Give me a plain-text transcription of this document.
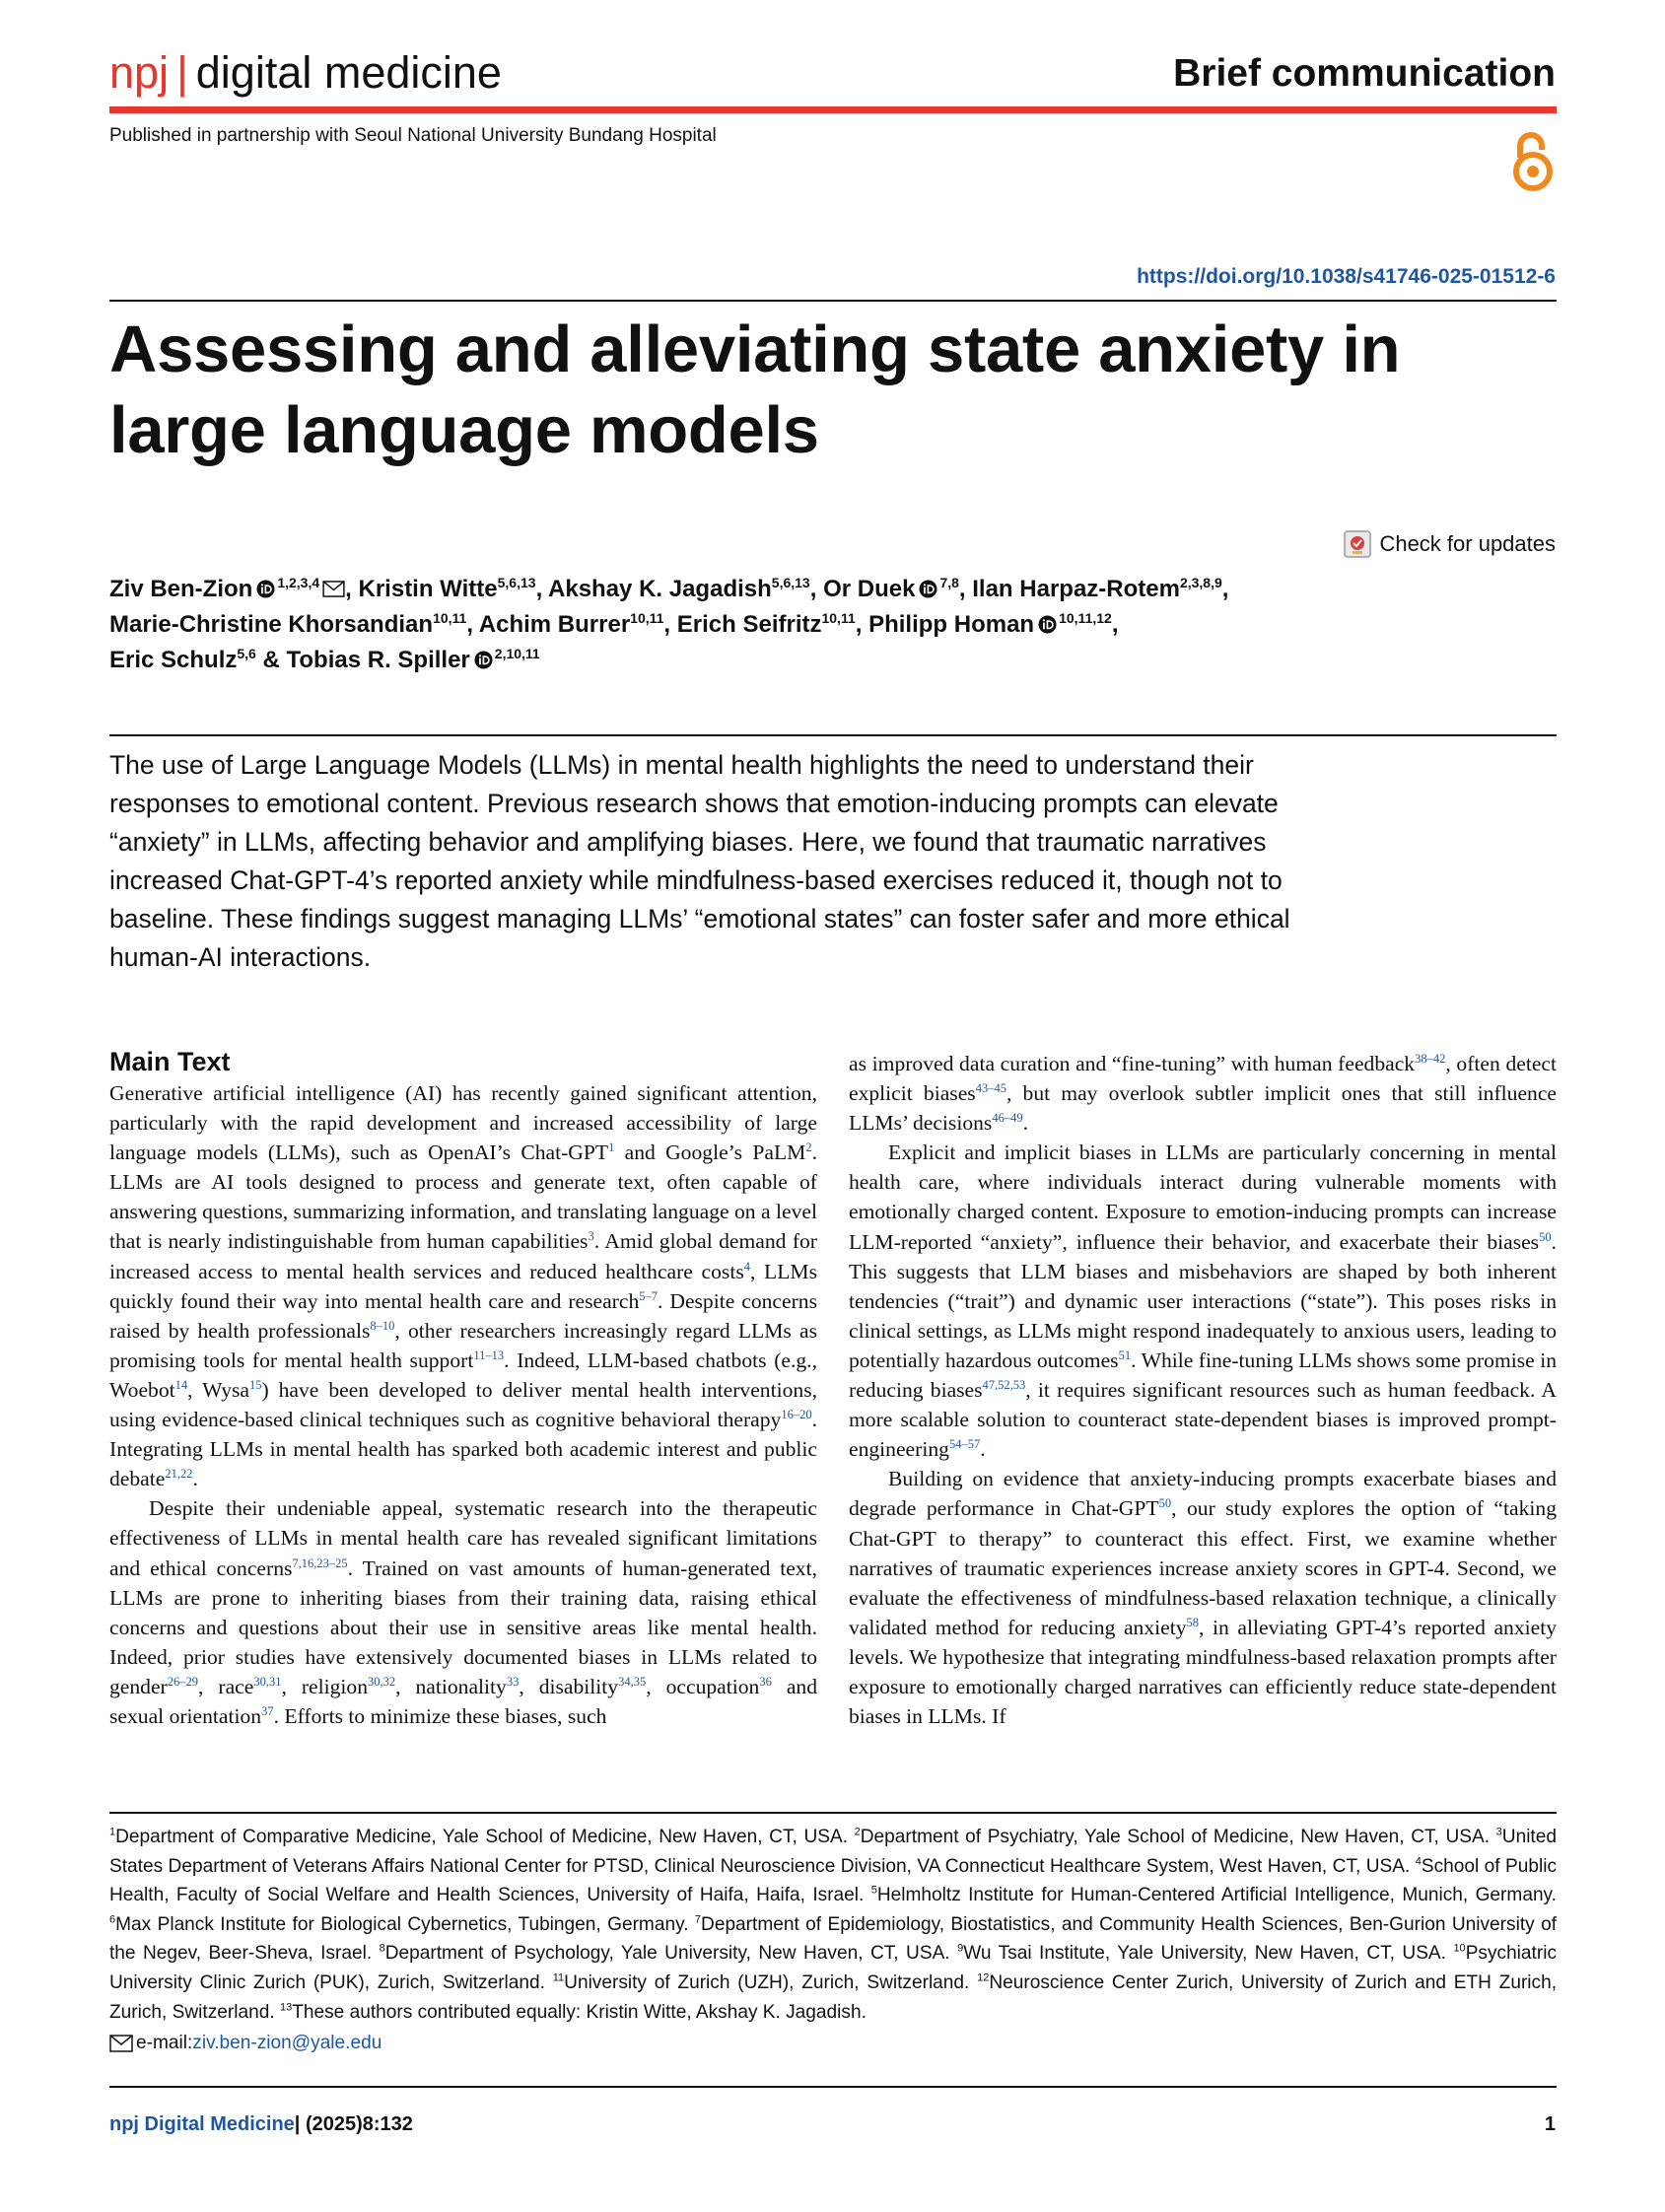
npj | digital medicine	Brief communication
Published in partnership with Seoul National University Bundang Hospital
https://doi.org/10.1038/s41746-025-01512-6
Assessing and alleviating state anxiety in large language models
Check for updates
Ziv Ben-Zion $^{1,2,3,4}$ , Kristin Witte$^{5,6,13}$, Akshay K. Jagadish$^{5,6,13}$, Or Duek $^{7,8}$, Ilan Harpaz-Rotem$^{2,3,8,9}$,
Marie-Christine Khorsandian$^{10,11}$, Achim Burrer$^{10,11}$, Erich Seifritz$^{10,11}$, Philipp Homan $^{10,11,12}$,
Eric Schulz$^{5,6}$ & Tobias R. Spiller $^{2,10,11}$

The use of Large Language Models (LLMs) in mental health highlights the need to understand their responses to emotional content. Previous research shows that emotion-inducing prompts can elevate “anxiety” in LLMs, affecting behavior and amplifying biases. Here, we found that traumatic narratives increased Chat-GPT-4’s reported anxiety while mindfulness-based exercises reduced it, though not to baseline. These findings suggest managing LLMs’ “emotional states” can foster safer and more ethical human-AI interactions.

Main Text

Generative artificial intelligence (AI) has recently gained significant attention, particularly with the rapid development and increased accessibility of large language models (LLMs), such as OpenAI’s Chat-GPT$^1$ and Google’s PaLM$^2$. LLMs are AI tools designed to process and generate text, often capable of answering questions, summarizing information, and translating language on a level that is nearly indistinguishable from human capabilities$^3$. Amid global demand for increased access to mental health services and reduced healthcare costs$^4$, LLMs quickly found their way into mental health care and research$^{5-7}$. Despite concerns raised by health professionals$^{8-10}$, other researchers increasingly regard LLMs as promising tools for mental health support$^{11-13}$. Indeed, LLM-based chatbots (e.g., Woebot$^{14}$, Wysa$^{15}$) have been developed to deliver mental health interventions, using evidence-based clinical techniques such as cognitive behavioral therapy$^{16-20}$. Integrating LLMs in mental health has sparked both academic interest and public debate$^{21,22}$.

Despite their undeniable appeal, systematic research into the therapeutic effectiveness of LLMs in mental health care has revealed significant limitations and ethical concerns$^{7,16,23-25}$. Trained on vast amounts of human-generated text, LLMs are prone to inheriting biases from their training data, raising ethical concerns and questions about their use in sensitive areas like mental health. Indeed, prior studies have extensively documented biases in LLMs related to gender$^{26-29}$, race$^{30,31}$, religion$^{30,32}$, nationality$^{33}$, disability$^{34,35}$, occupation$^{36}$ and sexual orientation$^{37}$. Efforts to minimize these biases, such

as improved data curation and “fine-tuning” with human feedback$^{38-42}$, often detect explicit biases$^{43-45}$, but may overlook subtler implicit ones that still influence LLMs’ decisions$^{46-49}$.

Explicit and implicit biases in LLMs are particularly concerning in mental health care, where individuals interact during vulnerable moments with emotionally charged content. Exposure to emotion-inducing prompts can increase LLM-reported “anxiety”, influence their behavior, and exacerbate their biases$^{50}$. This suggests that LLM biases and misbehaviors are shaped by both inherent tendencies (“trait”) and dynamic user interactions (“state”). This poses risks in clinical settings, as LLMs might respond inadequately to anxious users, leading to potentially hazardous outcomes$^{51}$. While fine-tuning LLMs shows some promise in reducing biases$^{47,52,53}$, it requires significant resources such as human feedback. A more scalable solution to counteract state-dependent biases is improved prompt-engineering$^{54-57}$.

Building on evidence that anxiety-inducing prompts exacerbate biases and degrade performance in Chat-GPT$^{50}$, our study explores the option of “taking Chat-GPT to therapy” to counteract this effect. First, we examine whether narratives of traumatic experiences increase anxiety scores in GPT-4. Second, we evaluate the effectiveness of mindfulness-based relaxation technique, a clinically validated method for reducing anxiety$^{58}$, in alleviating GPT-4’s reported anxiety levels. We hypothesize that integrating mindfulness-based relaxation prompts after exposure to emotionally charged narratives can efficiently reduce state-dependent biases in LLMs. If

$^1$Department of Comparative Medicine, Yale School of Medicine, New Haven, CT, USA. $^2$Department of Psychiatry, Yale School of Medicine, New Haven, CT, USA. $^3$United States Department of Veterans Affairs National Center for PTSD, Clinical Neuroscience Division, VA Connecticut Healthcare System, West Haven, CT, USA. $^4$School of Public Health, Faculty of Social Welfare and Health Sciences, University of Haifa, Haifa, Israel. $^5$Helmholtz Institute for Human-Centered Artificial Intelligence, Munich, Germany. $^6$Max Planck Institute for Biological Cybernetics, Tubingen, Germany. $^7$Department of Epidemiology, Biostatistics, and Community Health Sciences, Ben-Gurion University of the Negev, Beer-Sheva, Israel. $^8$Department of Psychology, Yale University, New Haven, CT, USA. $^9$Wu Tsai Institute, Yale University, New Haven, CT, USA. $^{10}$Psychiatric University Clinic Zurich (PUK), Zurich, Switzerland. $^{11}$University of Zurich (UZH), Zurich, Switzerland. $^{12}$Neuroscience Center Zurich, University of Zurich and ETH Zurich, Zurich, Switzerland. $^{13}$These authors contributed equally: Kristin Witte, Akshay K. Jagadish.
e-mail: ziv.ben-zion@yale.edu
npj Digital Medicine| (2025)8:132	1
